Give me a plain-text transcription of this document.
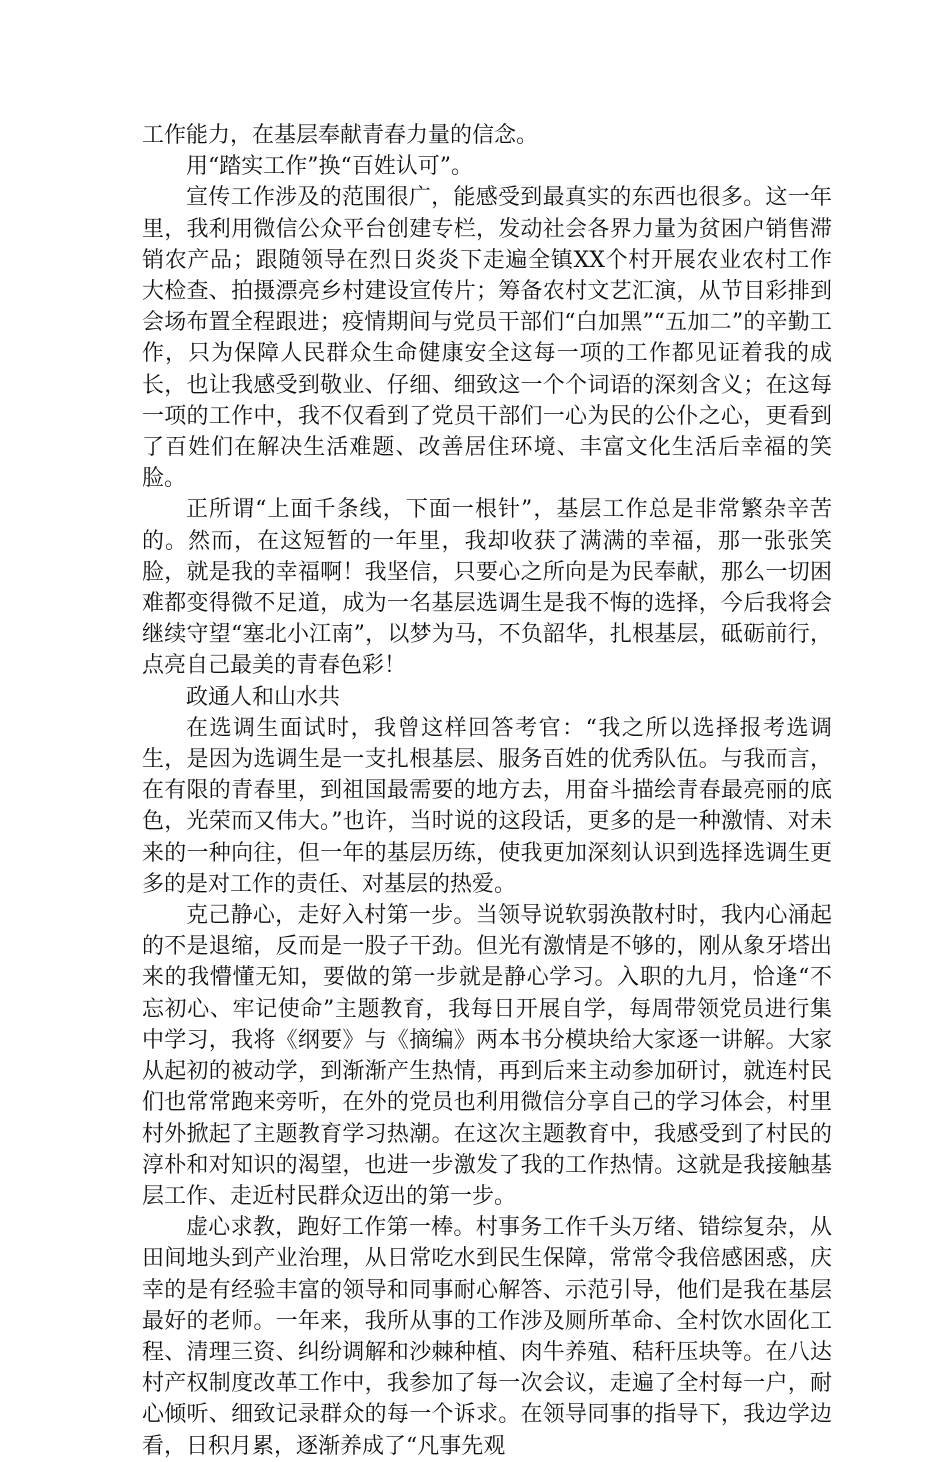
工作能力，在基层奉献青春力量的信念。

用“踏实工作”换“百姓认可”。

宣传工作涉及的范围很广，能感受到最真实的东西也很多。这一年里，我利用微信公众平台创建专栏，发动社会各界力量为贫困户销售滞销农产品；跟随领导在烈日炎炎下走遍全镇XX个村开展农业农村工作大检查、拍摄漂亮乡村建设宣传片；筹备农村文艺汇演，从节目彩排到会场布置全程跟进；疫情期间与党员干部们“白加黑”“五加二”的辛勤工作，只为保障人民群众生命健康安全这每一项的工作都见证着我的成长，也让我感受到敬业、仔细、细致这一个个词语的深刻含义；在这每一项的工作中，我不仅看到了党员干部们一心为民的公仆之心，更看到了百姓们在解决生活难题、改善居住环境、丰富文化生活后幸福的笑脸。

正所谓“上面千条线，下面一根针”，基层工作总是非常繁杂辛苦的。然而，在这短暂的一年里，我却收获了满满的幸福，那一张张笑脸，就是我的幸福啊！我坚信，只要心之所向是为民奉献，那么一切困难都变得微不足道，成为一名基层选调生是我不悔的选择，今后我将会继续守望“塞北小江南”，以梦为马，不负韶华，扎根基层，砥砺前行，点亮自己最美的青春色彩！

政通人和山水共

在选调生面试时，我曾这样回答考官：“我之所以选择报考选调生，是因为选调生是一支扎根基层、服务百姓的优秀队伍。与我而言，在有限的青春里，到祖国最需要的地方去，用奋斗描绘青春最亮丽的底色，光荣而又伟大。”也许，当时说的这段话，更多的是一种激情、对未来的一种向往，但一年的基层历练，使我更加深刻认识到选择选调生更多的是对工作的责任、对基层的热爱。

克己静心，走好入村第一步。当领导说软弱涣散村时，我内心涌起的不是退缩，反而是一股子干劲。但光有激情是不够的，刚从象牙塔出来的我懵懂无知，要做的第一步就是静心学习。入职的九月，恰逢“不忘初心、牢记使命”主题教育，我每日开展自学，每周带领党员进行集中学习，我将《纲要》与《摘编》两本书分模块给大家逐一讲解。大家从起初的被动学，到渐渐产生热情，再到后来主动参加研讨，就连村民们也常常跑来旁听，在外的党员也利用微信分享自己的学习体会，村里村外掀起了主题教育学习热潮。在这次主题教育中，我感受到了村民的淳朴和对知识的渴望，也进一步激发了我的工作热情。这就是我接触基层工作、走近村民群众迈出的第一步。

虚心求教，跑好工作第一棒。村事务工作千头万绪、错综复杂，从田间地头到产业治理，从日常吃水到民生保障，常常令我倍感困惑，庆幸的是有经验丰富的领导和同事耐心解答、示范引导，他们是我在基层最好的老师。一年来，我所从事的工作涉及厕所革命、全村饮水固化工程、清理三资、纠纷调解和沙棘种植、肉牛养殖、秸秆压块等。在八达村产权制度改革工作中，我参加了每一次会议，走遍了全村每一户，耐心倾听、细致记录群众的每一个诉求。在领导同事的指导下，我边学边看，日积月累，逐渐养成了“凡事先观
